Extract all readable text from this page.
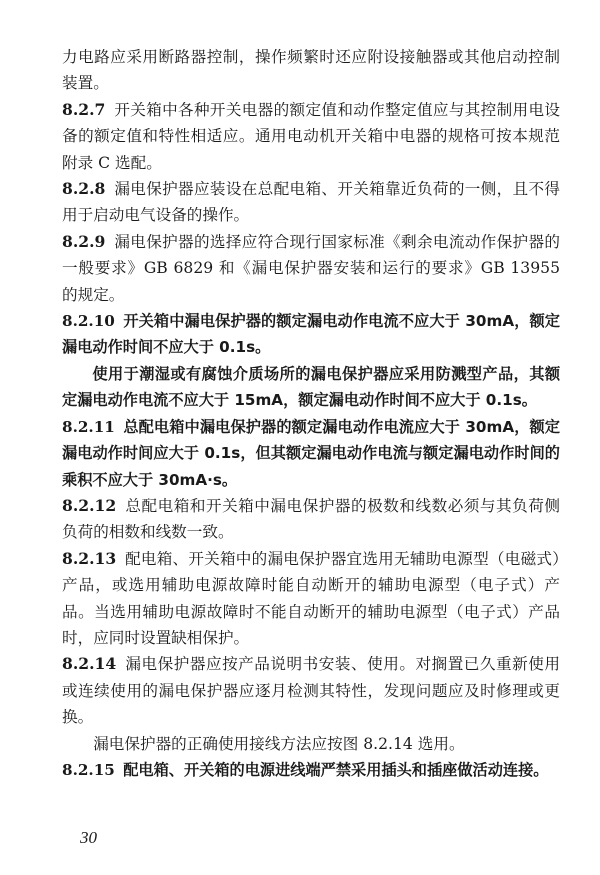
力电路应采用断路器控制，操作频繁时还应附设接触器或其他启动控制装置。

8.2.7 开关箱中各种开关电器的额定值和动作整定值应与其控制用电设备的额定值和特性相适应。通用电动机开关箱中电器的规格可按本规范附录 C 选配。

8.2.8 漏电保护器应装设在总配电箱、开关箱靠近负荷的一侧，且不得用于启动电气设备的操作。

8.2.9 漏电保护器的选择应符合现行国家标准《剩余电流动作保护器的一般要求》GB 6829 和《漏电保护器安装和运行的要求》GB 13955 的规定。

8.2.10 开关箱中漏电保护器的额定漏电动作电流不应大于 30mA，额定漏电动作时间不应大于 0.1s。

使用于潮湿或有腐蚀介质场所的漏电保护器应采用防溅型产品，其额定漏电动作电流不应大于 15mA，额定漏电动作时间不应大于 0.1s。

8.2.11 总配电箱中漏电保护器的额定漏电动作电流应大于 30mA，额定漏电动作时间应大于 0.1s，但其额定漏电动作电流与额定漏电动作时间的乘积不应大于 30mA·s。

8.2.12 总配电箱和开关箱中漏电保护器的极数和线数必须与其负荷侧负荷的相数和线数一致。

8.2.13 配电箱、开关箱中的漏电保护器宜选用无辅助电源型（电磁式）产品，或选用辅助电源故障时能自动断开的辅助电源型（电子式）产品。当选用辅助电源故障时不能自动断开的辅助电源型（电子式）产品时，应同时设置缺相保护。

8.2.14 漏电保护器应按产品说明书安装、使用。对搁置已久重新使用或连续使用的漏电保护器应逐月检测其特性，发现问题应及时修理或更换。

漏电保护器的正确使用接线方法应按图 8.2.14 选用。

8.2.15 配电箱、开关箱的电源进线端严禁采用插头和插座做活动连接。

30
